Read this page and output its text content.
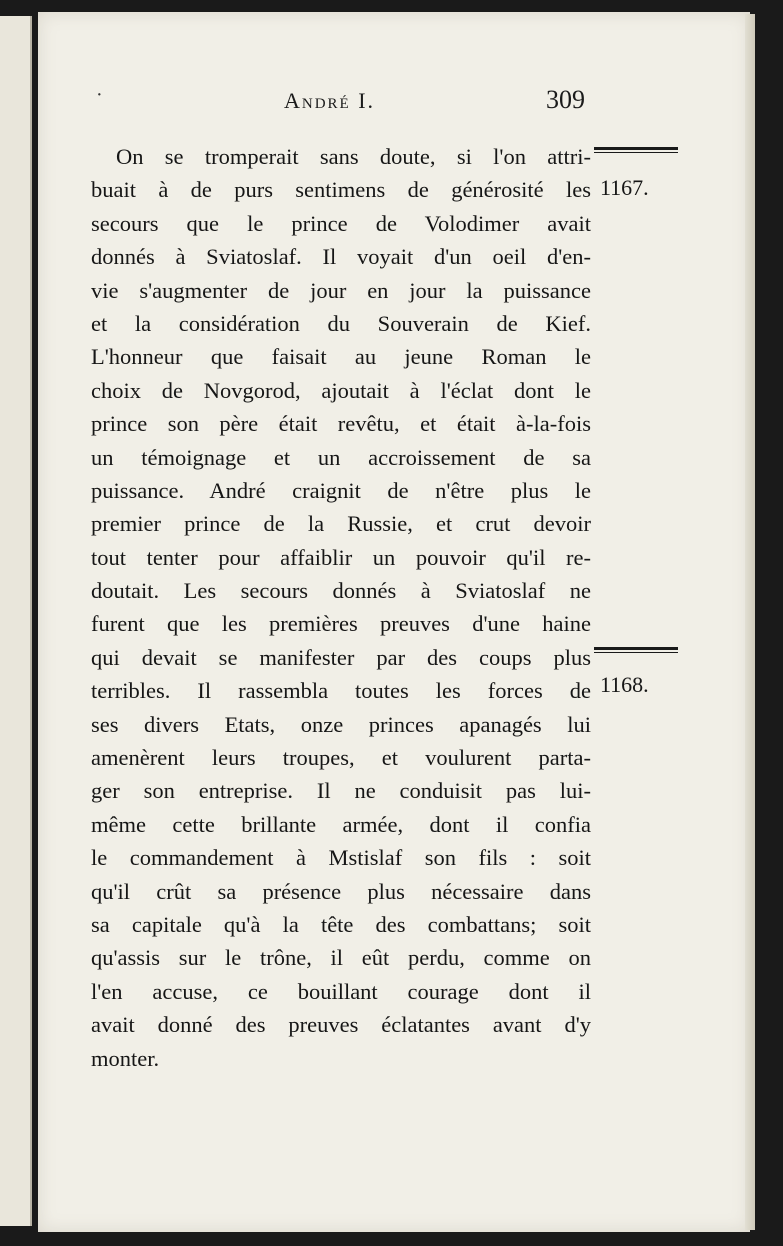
·	André I.	309
1167.
1168.
On se tromperait sans doute, si l'on attri-
buait à de purs sentimens de générosité les
secours que le prince de Volodimer avait
donnés à Sviatoslaf. Il voyait d'un oeil d'en-
vie s'augmenter de jour en jour la puissance
et la considération du Souverain de Kief.
L'honneur que faisait au jeune Roman le
choix de Novgorod, ajoutait à l'éclat dont le
prince son père était revêtu, et était à-la-fois
un témoignage et un accroissement de sa
puissance. André craignit de n'être plus le
premier prince de la Russie, et crut devoir
tout tenter pour affaiblir un pouvoir qu'il re-
doutait. Les secours donnés à Sviatoslaf ne
furent que les premières preuves d'une haine
qui devait se manifester par des coups plus
terribles. Il rassembla toutes les forces de
ses divers Etats, onze princes apanagés lui
amenèrent leurs troupes, et voulurent parta-
ger son entreprise. Il ne conduisit pas lui-
même cette brillante armée, dont il confia
le commandement à Mstislaf son fils : soit
qu'il crût sa présence plus nécessaire dans
sa capitale qu'à la tête des combattans; soit
qu'assis sur le trône, il eût perdu, comme on
l'en accuse, ce bouillant courage dont il
avait donné des preuves éclatantes avant d'y
monter.
